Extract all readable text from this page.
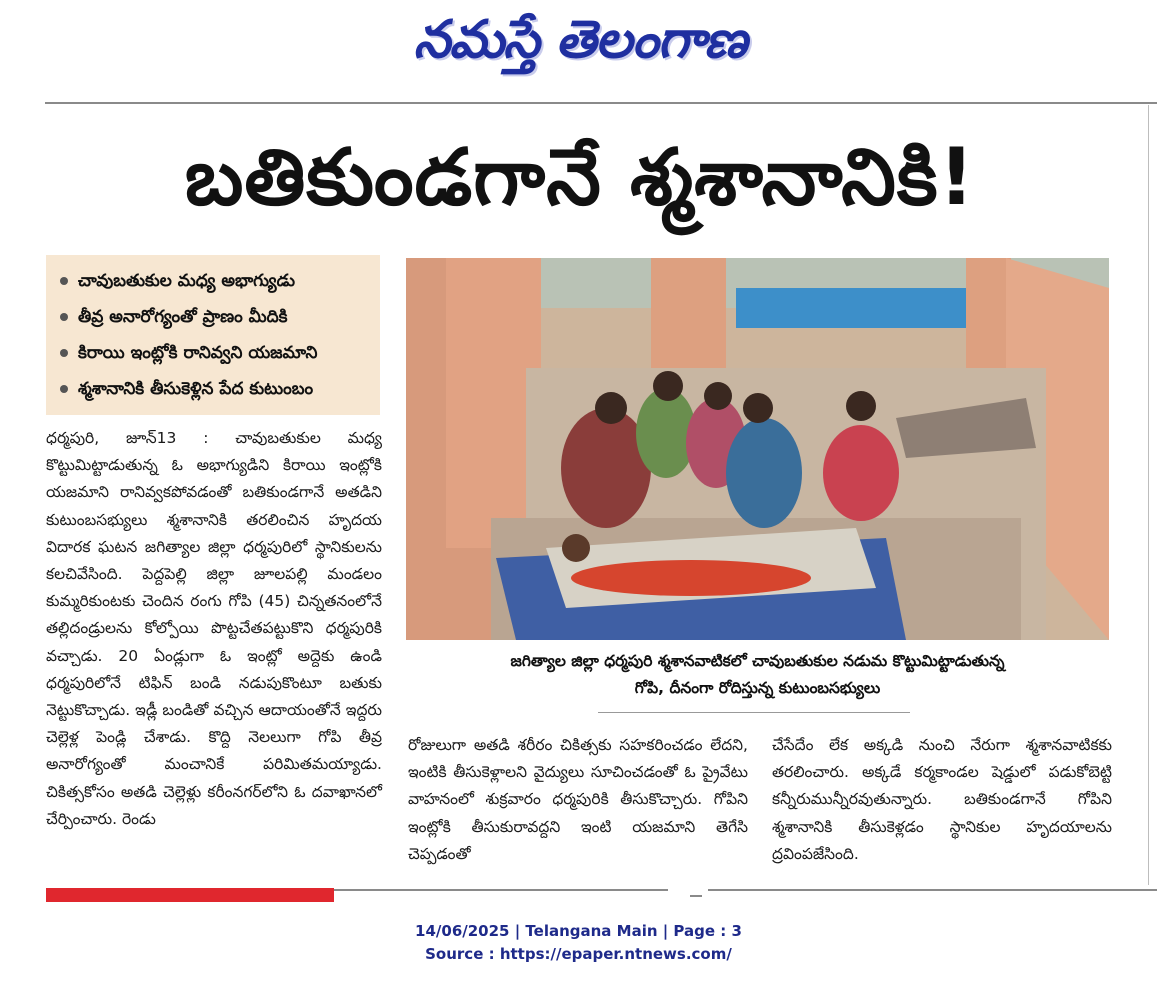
నమస్తే తెలంగాణ
బతికుండగానే శ్మశానానికి!
చావుబతుకుల మధ్య అభాగ్యుడు
తీవ్ర అనారోగ్యంతో ప్రాణం మీదికి
కిరాయి ఇంట్లోకి రానివ్వని యజమాని
శ్మశానానికి తీసుకెళ్లిన పేద కుటుంబం

ధర్మపురి, జూన్13 : చావుబతుకుల మధ్య కొట్టుమిట్టాడుతున్న ఓ అభాగ్యుడిని కిరాయి ఇంట్లోకి యజమాని రానివ్వకపోవడంతో బతికుండగానే అతడిని కుటుంబసభ్యులు శ్మశానానికి తరలించిన హృదయ విదారక ఘటన జగిత్యాల జిల్లా ధర్మపురిలో స్థానికులను కలచివేసింది. పెద్దపెల్లి జిల్లా జూలపల్లి మండలం కుమ్మరికుంటకు చెందిన రంగు గోపి (45) చిన్నతనంలోనే తల్లిదండ్రులను కోల్పోయి పొట్టచేతపట్టుకొని ధర్మపురికి వచ్చాడు. 20 ఏండ్లుగా ఓ ఇంట్లో అద్దెకు ఉండి ధర్మపురిలోనే టిఫిన్ బండి నడుపుకొంటూ బతుకు నెట్టుకొచ్చాడు. ఇడ్లీ బండితో వచ్చిన ఆదాయంతోనే ఇద్దరు చెల్లెళ్ల పెండ్లి చేశాడు. కొద్ది నెలలుగా గోపి తీవ్ర అనారోగ్యంతో మంచానికే పరిమితమయ్యాడు. చికిత్సకోసం అతడి చెల్లెళ్లు కరీంనగర్‌లోని ఓ దవాఖానలో చేర్పించారు. రెండు

జగిత్యాల జిల్లా ధర్మపురి శ్మశానవాటికలో చావుబతుకుల నడుమ కొట్టుమిట్టాడుతున్న
గోపి, దీనంగా రోదిస్తున్న కుటుంబసభ్యులు

రోజులుగా అతడి శరీరం చికిత్సకు సహకరించడం లేదని, ఇంటికి తీసుకెళ్లాలని వైద్యులు సూచించడంతో ఓ ప్రైవేటు వాహనంలో శుక్రవారం ధర్మపురికి తీసుకొచ్చారు. గోపిని ఇంట్లోకి తీసుకురావద్దని ఇంటి యజమాని తెగేసి చెప్పడంతో

చేసేదేం లేక అక్కడి నుంచి నేరుగా శ్మశానవాటికకు తరలించారు. అక్కడే కర్మకాండల షెడ్డులో పడుకోబెట్టి కన్నీరుమున్నీరవుతున్నారు. బతికుండగానే గోపిని శ్మశానానికి తీసుకెళ్లడం స్థానికుల హృదయాలను ద్రవింపజేసింది.

14/06/2025 | Telangana Main | Page : 3
Source : https://epaper.ntnews.com/
